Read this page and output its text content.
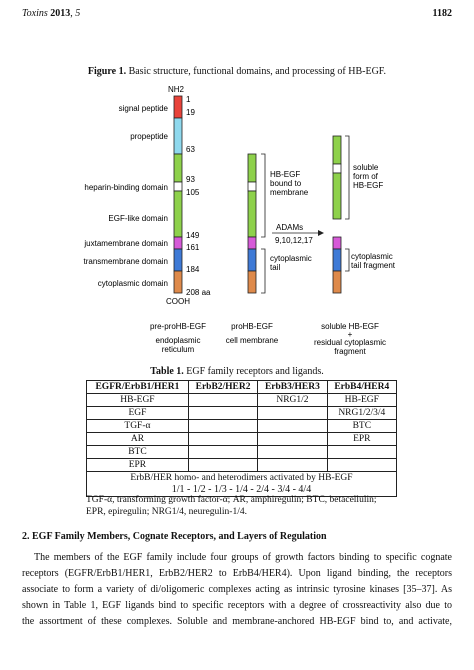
Toxins 2013, 5	1182
Figure 1. Basic structure, functional domains, and processing of HB-EGF.
NH2
COOH
signal peptide
propeptide
heparin-binding domain
EGF-like domain
juxtamembrane domain
transmembrane domain
cytoplasmic domain
1
19
63
93
105
149
161
184
208 aa
HB-EGF
bound to
membrane
cytoplasmic
tail
ADAMs
9,10,12,17
soluble
form of
HB-EGF
cytoplasmic
tail fragment
pre-proHB-EGF
endoplasmic
reticulum
proHB-EGF
cell membrane
soluble HB-EGF
+
residual cytoplasmic
fragment
Table 1. EGF family receptors and ligands.
EGFR/ErbB1/HER1	ErbB2/HER2	ErbB3/HER3	ErbB4/HER4
HB-EGF		NRG1/2	HB-EGF
EGF			NRG1/2/3/4
TGF-α			BTC
AR			EPR
BTC			
EPR			

ErbB/HER homo- and heterodimers activated by HB-EGF
1/1 - 1/2 - 1/3 - 1/4 - 2/4 - 3/4 - 4/4			
TGF-α, transforming growth factor-α; AR, amphiregulin; BTC, betacellulin;
EPR, epiregulin; NRG1/4, neuregulin-1/4.
2. EGF Family Members, Cognate Receptors, and Layers of Regulation
The members of the EGF family include four groups of growth factors binding to specific cognate
receptors (EGFR/ErbB1/HER1, ErbB2/HER2 to ErbB4/HER4). Upon ligand binding, the receptors
associate to form a variety of di/oligomeric complexes acting as intrinsic tyrosine kinases [35–37]. As
shown in Table 1, EGF ligands bind to specific receptors with a degree of crossreactivity also due to
the assortment of these complexes. Soluble and membrane-anchored HB-EGF bind to, and activate,
